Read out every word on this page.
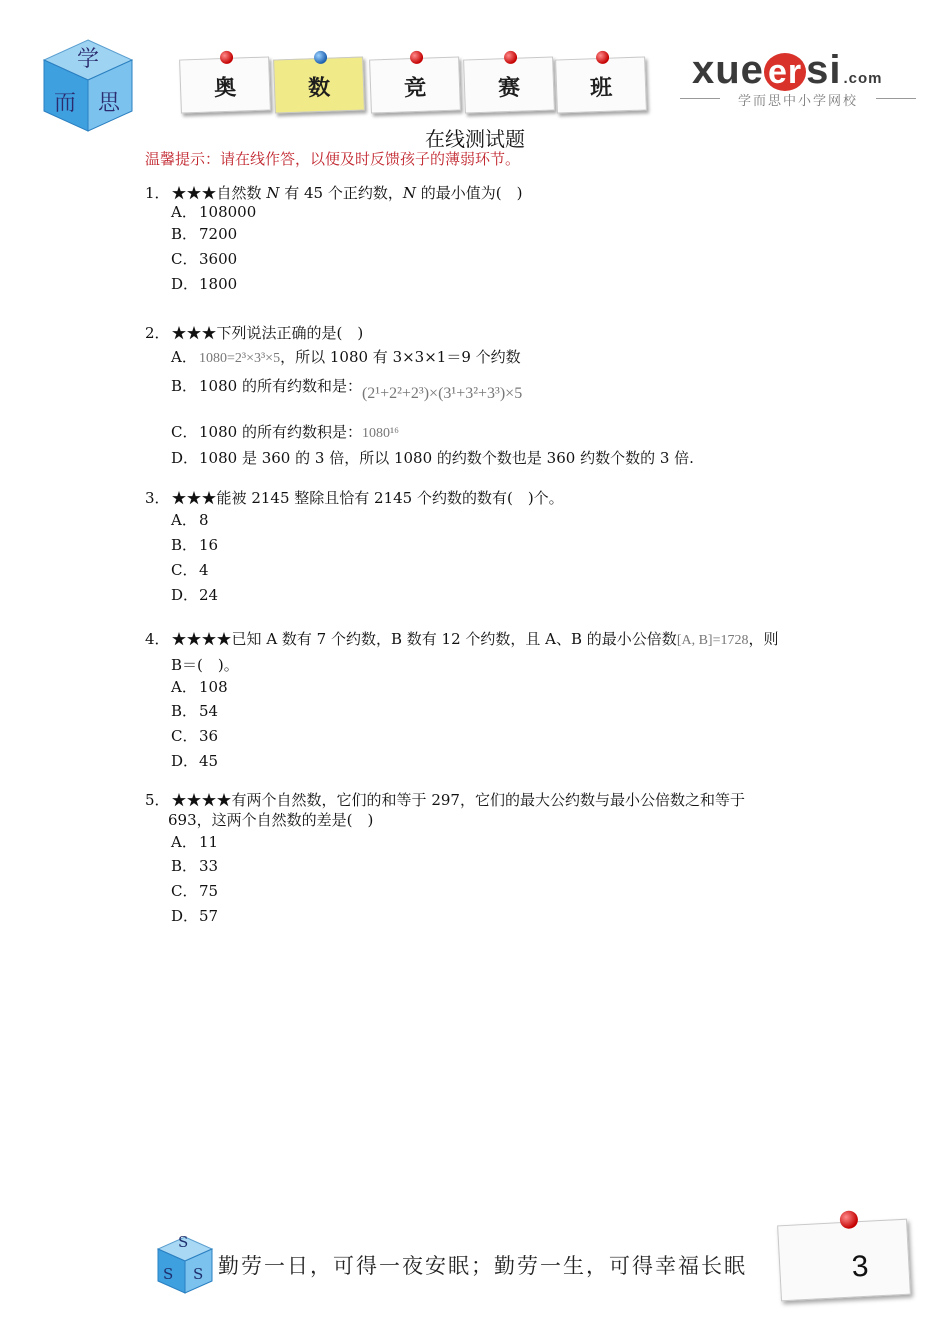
学
而 思
奥	数	竞	赛	班	xue er si .com
学而思中小学网校
在线测试题
温馨提示：请在线作答，以便及时反馈孩子的薄弱环节。
1． ★★★自然数 N 有 45 个正约数，N 的最小值为(　)
A． 108000
B． 7200
C． 3600
D．1800
2． ★★★下列说法正确的是(　)
A． 1080=2³×3³×5，所以 1080 有 3×3×1＝9 个约数
B． 1080 的所有约数和是：(2¹+2²+2³)×(3¹+3²+3³)×5
C． 1080 的所有约数积是：1080¹⁶
D．1080 是 360 的 3 倍，所以 1080 的约数个数也是 360 约数个数的 3 倍.
3． ★★★能被 2145 整除且恰有 2145 个约数的数有(　)个。
A． 8
B． 16
C． 4
D．24
4． ★★★★已知 A 数有 7 个约数，B 数有 12 个约数，且 A、B 的最小公倍数[A, B]=1728，则
B＝(　)。
A． 108
B． 54
C． 36
D．45
5． ★★★★有两个自然数，它们的和等于 297，它们的最大公约数与最小公倍数之和等于
693，这两个自然数的差是(　)
A． 11
B． 33
C． 75
D．57
S
S S 勤劳一日，可得一夜安眠；勤劳一生，可得幸福长眠	3
